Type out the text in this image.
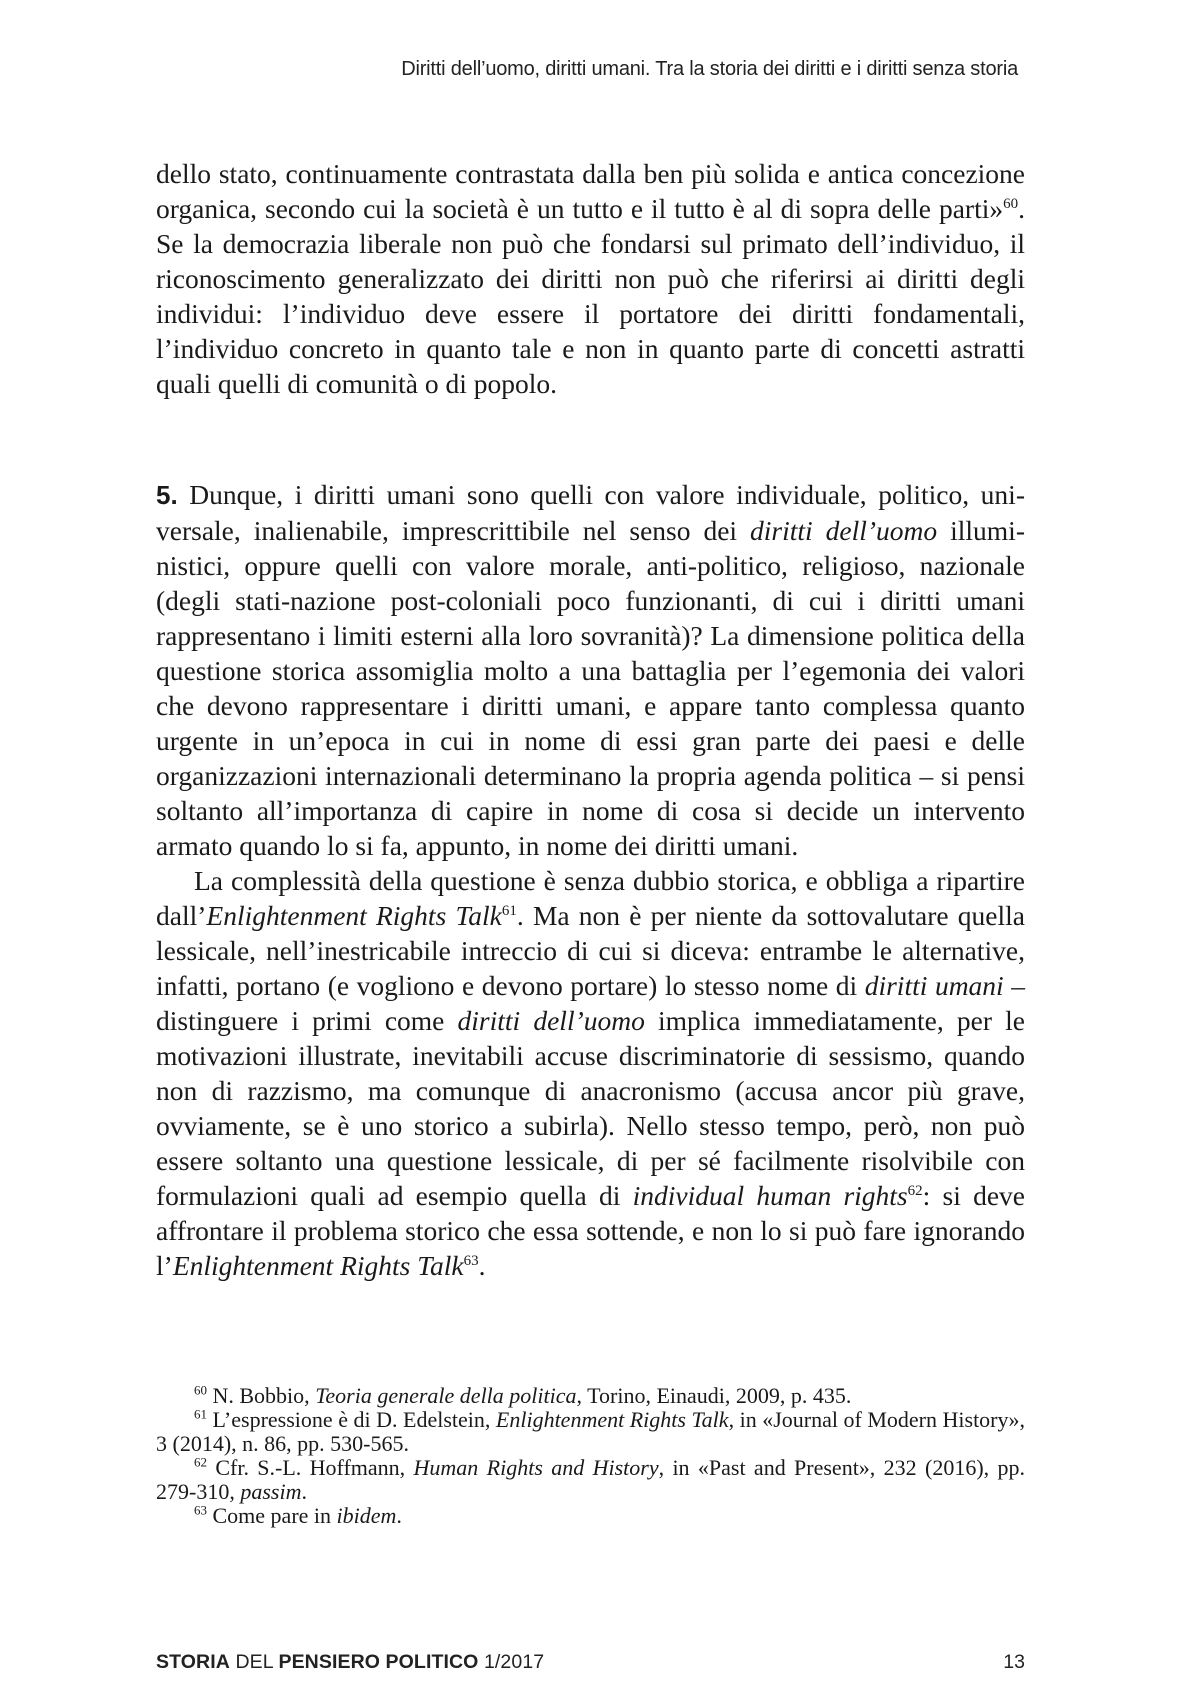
Diritti dell’uomo, diritti umani. Tra la storia dei diritti e i diritti senza storia

dello stato, continuamente contrastata dalla ben più solida e antica concezione organica, secondo cui la società è un tutto e il tutto è al di sopra delle parti»$^{60}$. Se la democrazia liberale non può che fondarsi sul primato dell’individuo, il riconoscimento generalizzato dei diritti non può che riferirsi ai diritti degli individui: l’individuo deve essere il portatore dei diritti fondamentali, l’individuo concreto in quanto tale e non in quanto parte di concetti astratti quali quelli di comunità o di popolo.

5. Dunque, i diritti umani sono quelli con valore individuale, politico, universale, inalienabile, imprescrittibile nel senso dei diritti dell’uomo illuministici, oppure quelli con valore morale, anti-politico, religioso, nazionale (degli stati-nazione post-coloniali poco funzionanti, di cui i diritti umani rappresentano i limiti esterni alla loro sovranità)? La dimensione politica della questione storica assomiglia molto a una battaglia per l’egemonia dei valori che devono rappresentare i diritti umani, e appare tanto complessa quanto urgente in un’epoca in cui in nome di essi gran parte dei paesi e delle organizzazioni internazionali determinano la propria agenda politica – si pensi soltanto all’importanza di capire in nome di cosa si decide un intervento armato quando lo si fa, appunto, in nome dei diritti umani.

La complessità della questione è senza dubbio storica, e obbliga a ripartire dall’Enlightenment Rights Talk$^{61}$. Ma non è per niente da sottovalutare quella lessicale, nell’inestricabile intreccio di cui si diceva: entrambe le alternative, infatti, portano (e vogliono e devono portare) lo stesso nome di diritti umani – distinguere i primi come diritti dell’uomo implica immediatamente, per le motivazioni illustrate, inevitabili accuse discriminatorie di sessismo, quando non di razzismo, ma comunque di anacronismo (accusa ancor più grave, ovviamente, se è uno storico a subirla). Nello stesso tempo, però, non può essere soltanto una questione lessicale, di per sé facilmente risolvibile con formulazioni quali ad esempio quella di individual human rights$^{62}$: si deve affrontare il problema storico che essa sottende, e non lo si può fare ignorando l’Enlightenment Rights Talk$^{63}$.

$^{60}$ N. Bobbio, Teoria generale della politica, Torino, Einaudi, 2009, p. 435.

$^{61}$ L’espressione è di D. Edelstein, Enlightenment Rights Talk, in «Journal of Modern History», 3 (2014), n. 86, pp. 530-565.

$^{62}$ Cfr. S.-L. Hoffmann, Human Rights and History, in «Past and Present», 232 (2016), pp. 279-310, passim.

$^{63}$ Come pare in ibidem.

STORIA DEL PENSIERO POLITICO 1/2017	13
